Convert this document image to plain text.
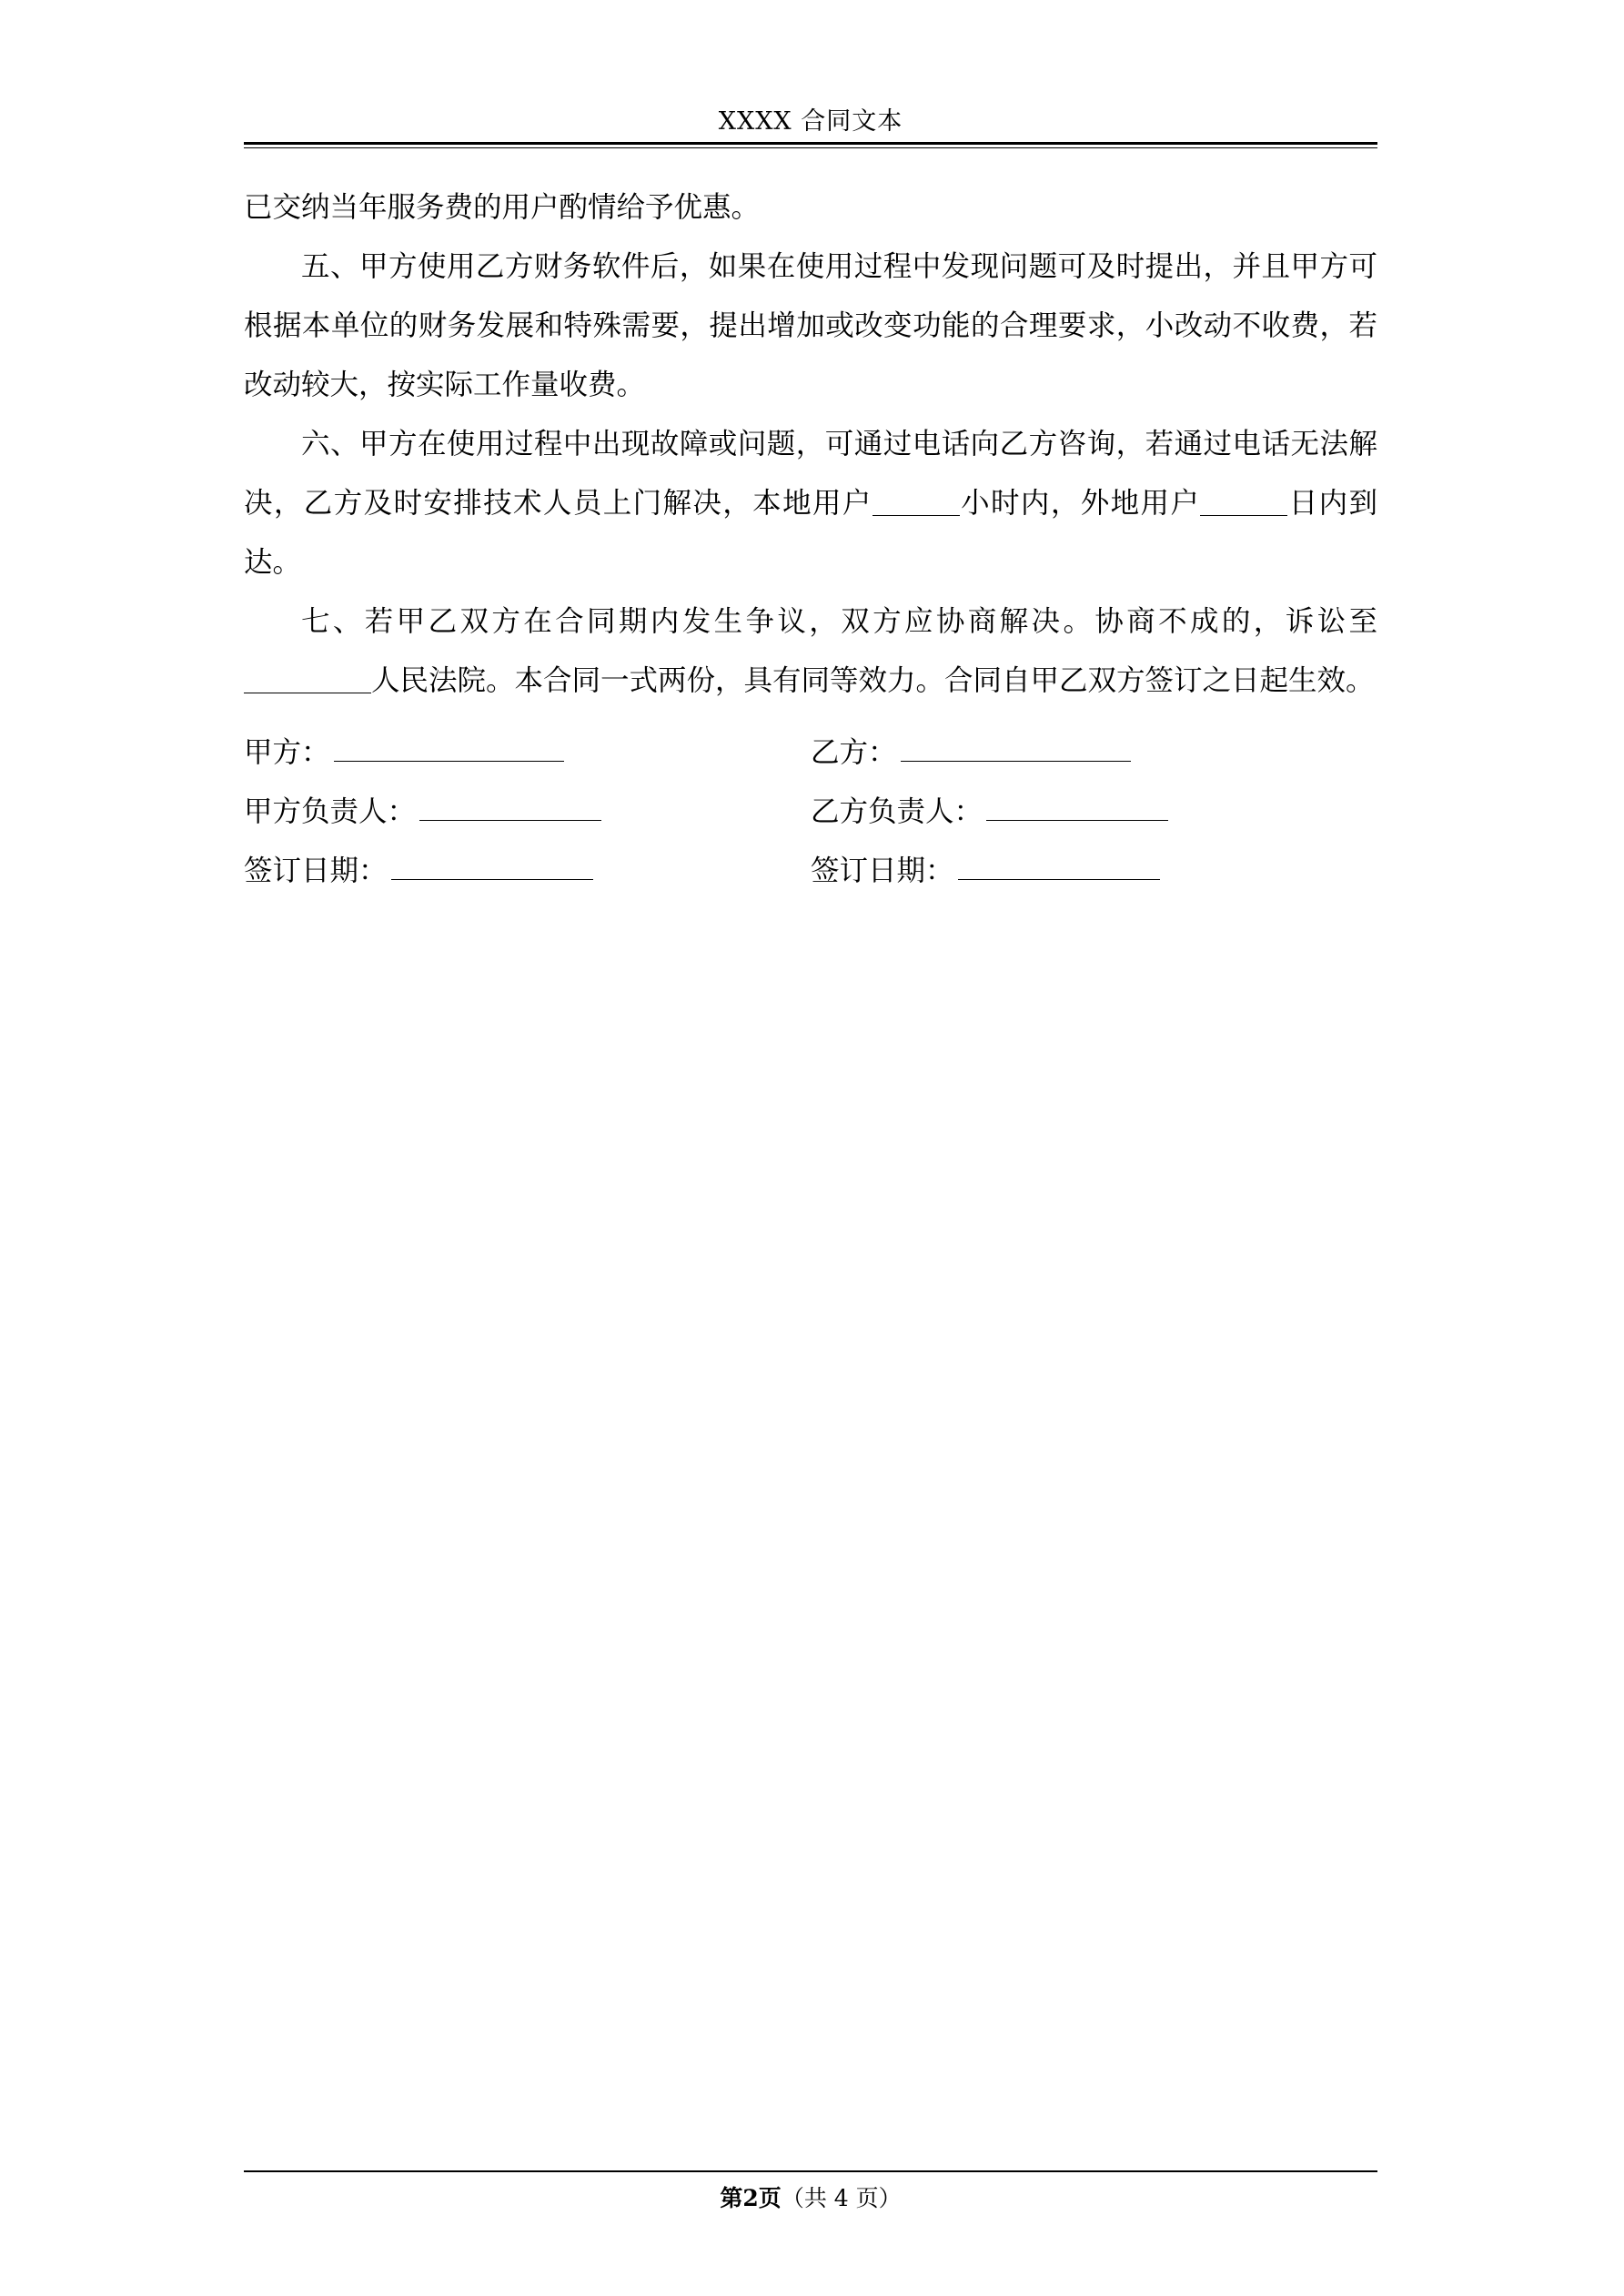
XXXX 合同文本

已交纳当年服务费的用户酌情给予优惠。

五、甲方使用乙方财务软件后，如果在使用过程中发现问题可及时提出，并且甲方可根据本单位的财务发展和特殊需要，提出增加或改变功能的合理要求，小改动不收费，若改动较大，按实际工作量收费。

六、甲方在使用过程中出现故障或问题，可通过电话向乙方咨询，若通过电话无法解决，乙方及时安排技术人员上门解决，本地用户	小时内，外地用户	日内到达。

七、若甲乙双方在合同期内发生争议，双方应协商解决。协商不成的，诉讼至人民法院。本合同一式两份，具有同等效力。合同自甲乙双方签订之日起生效。

甲方：	乙方：
甲方负责人：	乙方负责人：
签订日期：	签订日期：
第2页（共 4 页）
